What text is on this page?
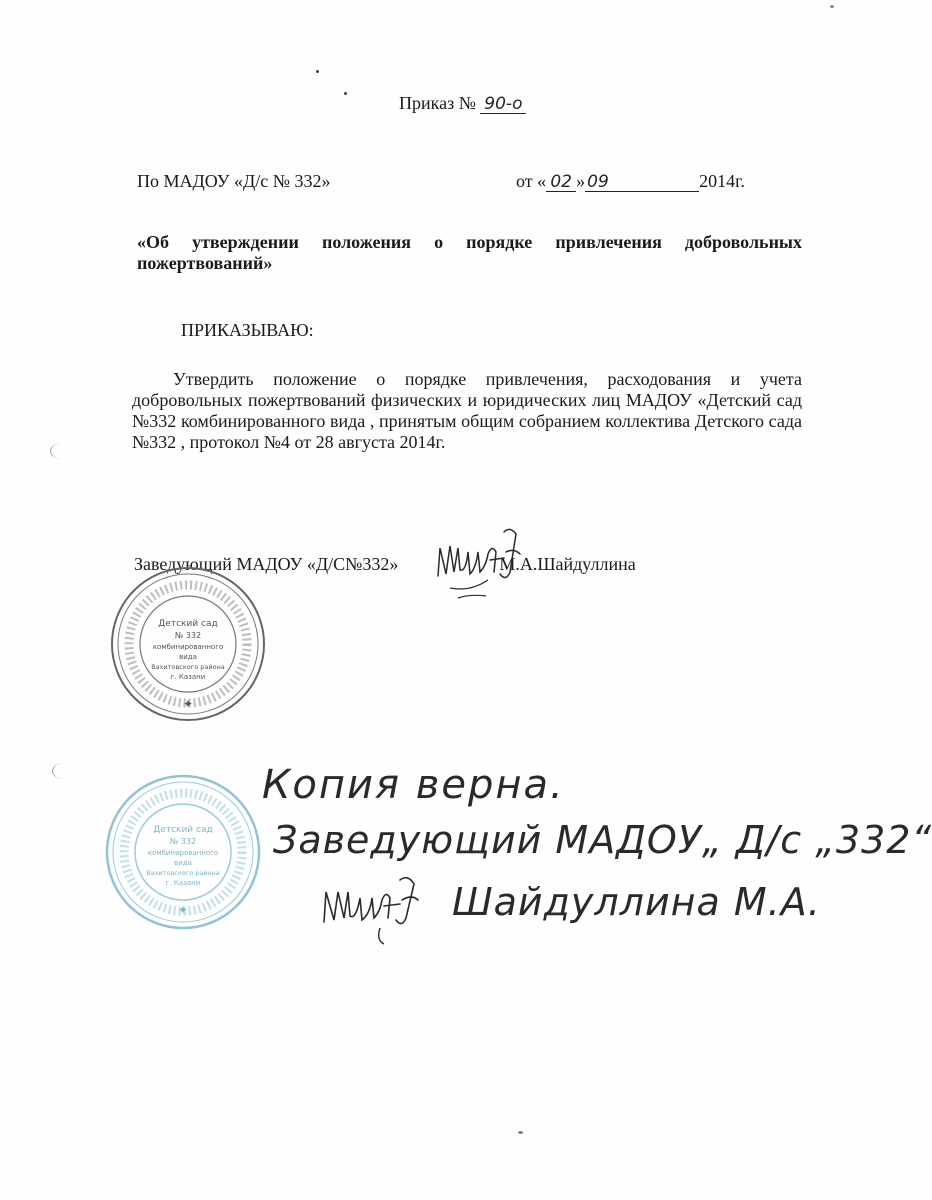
Приказ № 90-о
По МАДОУ «Д/с № 332»	от « 02 » 09	2014г.
«Об утверждении положения о порядке привлечения добровольных пожертвований»
ПРИКАЗЫВАЮ:
Утвердить положение о порядке привлечения, расходования и учета добровольных пожертвований физических и юридических лиц МАДОУ «Детский сад №332 комбинированного вида , принятым общим собранием коллектива Детского сада №332 , протокол №4 от 28 августа 2014г.
Заведующий МАДОУ «Д/С№332»	М.А.Шайдуллина
Детский сад
№ 332
комбинированного
вида
Вахитовского района
г. Казани
✦
Детский сад
№ 332
комбинированного
вида
Вахитовского района
г. Казани
✦
Копия верна.
Заведующий МАДОУ„ Д/с „332“
Шайдуллина М.А.
